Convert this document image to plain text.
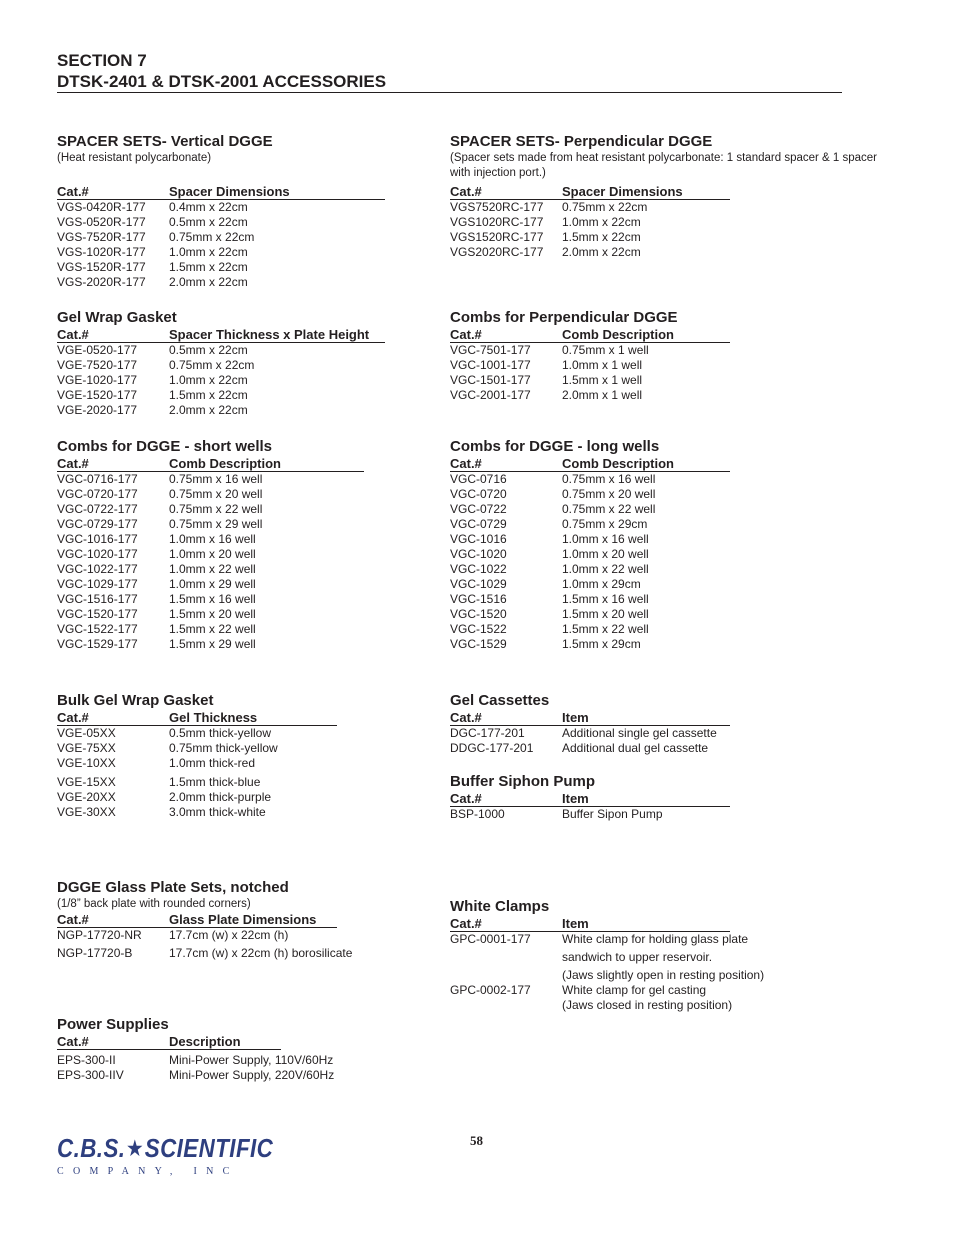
SECTION 7
DTSK-2401 & DTSK-2001 ACCESSORIES
SPACER SETS- Vertical DGGE
(Heat resistant polycarbonate)
Cat.#	Spacer Dimensions
VGS-0420R-177	0.4mm x 22cm
VGS-0520R-177	0.5mm x 22cm
VGS-7520R-177	0.75mm x 22cm
VGS-1020R-177	1.0mm x 22cm
VGS-1520R-177	1.5mm x 22cm
VGS-2020R-177	2.0mm x 22cm
Gel Wrap Gasket
Cat.#	Spacer Thickness x Plate Height
VGE-0520-177	0.5mm x 22cm
VGE-7520-177	0.75mm x 22cm
VGE-1020-177	1.0mm x 22cm
VGE-1520-177	1.5mm x 22cm
VGE-2020-177	2.0mm x 22cm
Combs for DGGE - short wells
Cat.#	Comb Description
VGC-0716-177	0.75mm x 16 well
VGC-0720-177	0.75mm x 20 well
VGC-0722-177	0.75mm x 22 well
VGC-0729-177	0.75mm x 29 well
VGC-1016-177	1.0mm x 16 well
VGC-1020-177	1.0mm x 20 well
VGC-1022-177	1.0mm x 22 well
VGC-1029-177	1.0mm x 29 well
VGC-1516-177	1.5mm x 16 well
VGC-1520-177	1.5mm x 20 well
VGC-1522-177	1.5mm x 22 well
VGC-1529-177	1.5mm x 29 well
Bulk Gel Wrap Gasket
Cat.#	Gel Thickness
VGE-05XX	0.5mm thick-yellow
VGE-75XX	0.75mm thick-yellow
VGE-10XX	1.0mm thick-red
VGE-15XX	1.5mm thick-blue
VGE-20XX	2.0mm thick-purple
VGE-30XX	3.0mm thick-white
DGGE Glass Plate Sets, notched
(1/8” back plate with rounded corners)
Cat.#	Glass Plate Dimensions
NGP-17720-NR	17.7cm (w) x 22cm (h)
NGP-17720-B	17.7cm (w) x 22cm (h) borosilicate
Power Supplies
Cat.#	Description
EPS-300-II	Mini-Power Supply, 110V/60Hz
EPS-300-IIV	Mini-Power Supply, 220V/60Hz
SPACER SETS- Perpendicular DGGE
(Spacer sets made from heat resistant polycarbonate: 1 standard spacer & 1 spacer with injection port.)
Cat.#	Spacer Dimensions
VGS7520RC-177	0.75mm x 22cm
VGS1020RC-177	1.0mm x 22cm
VGS1520RC-177	1.5mm x 22cm
VGS2020RC-177	2.0mm x 22cm
Combs for Perpendicular DGGE
Cat.#	Comb Description
VGC-7501-177	0.75mm x 1 well
VGC-1001-177	1.0mm x 1 well
VGC-1501-177	1.5mm x 1 well
VGC-2001-177	2.0mm x 1 well
Combs for DGGE - long wells
Cat.#	Comb Description
VGC-0716	0.75mm x 16 well
VGC-0720	0.75mm x 20 well
VGC-0722	0.75mm x 22 well
VGC-0729	0.75mm x 29cm
VGC-1016	1.0mm x 16 well
VGC-1020	1.0mm x 20 well
VGC-1022	1.0mm x 22 well
VGC-1029	1.0mm x 29cm
VGC-1516	1.5mm x 16 well
VGC-1520	1.5mm x 20 well
VGC-1522	1.5mm x 22 well
VGC-1529	1.5mm x 29cm
Gel Cassettes
Cat.#	Item
DGC-177-201	Additional single gel cassette
DDGC-177-201	Additional dual gel cassette
Buffer Siphon Pump
Cat.#	Item
BSP-1000	Buffer Sipon Pump
White Clamps
Cat.#	Item
GPC-0001-177	White clamp for holding glass plate
sandwich to upper reservoir.
(Jaws slightly open in resting position)
GPC-0002-177	White clamp for gel casting
(Jaws closed in resting position)
58
C.B.S. ★ SCIENTIFIC
COMPANY, INC
